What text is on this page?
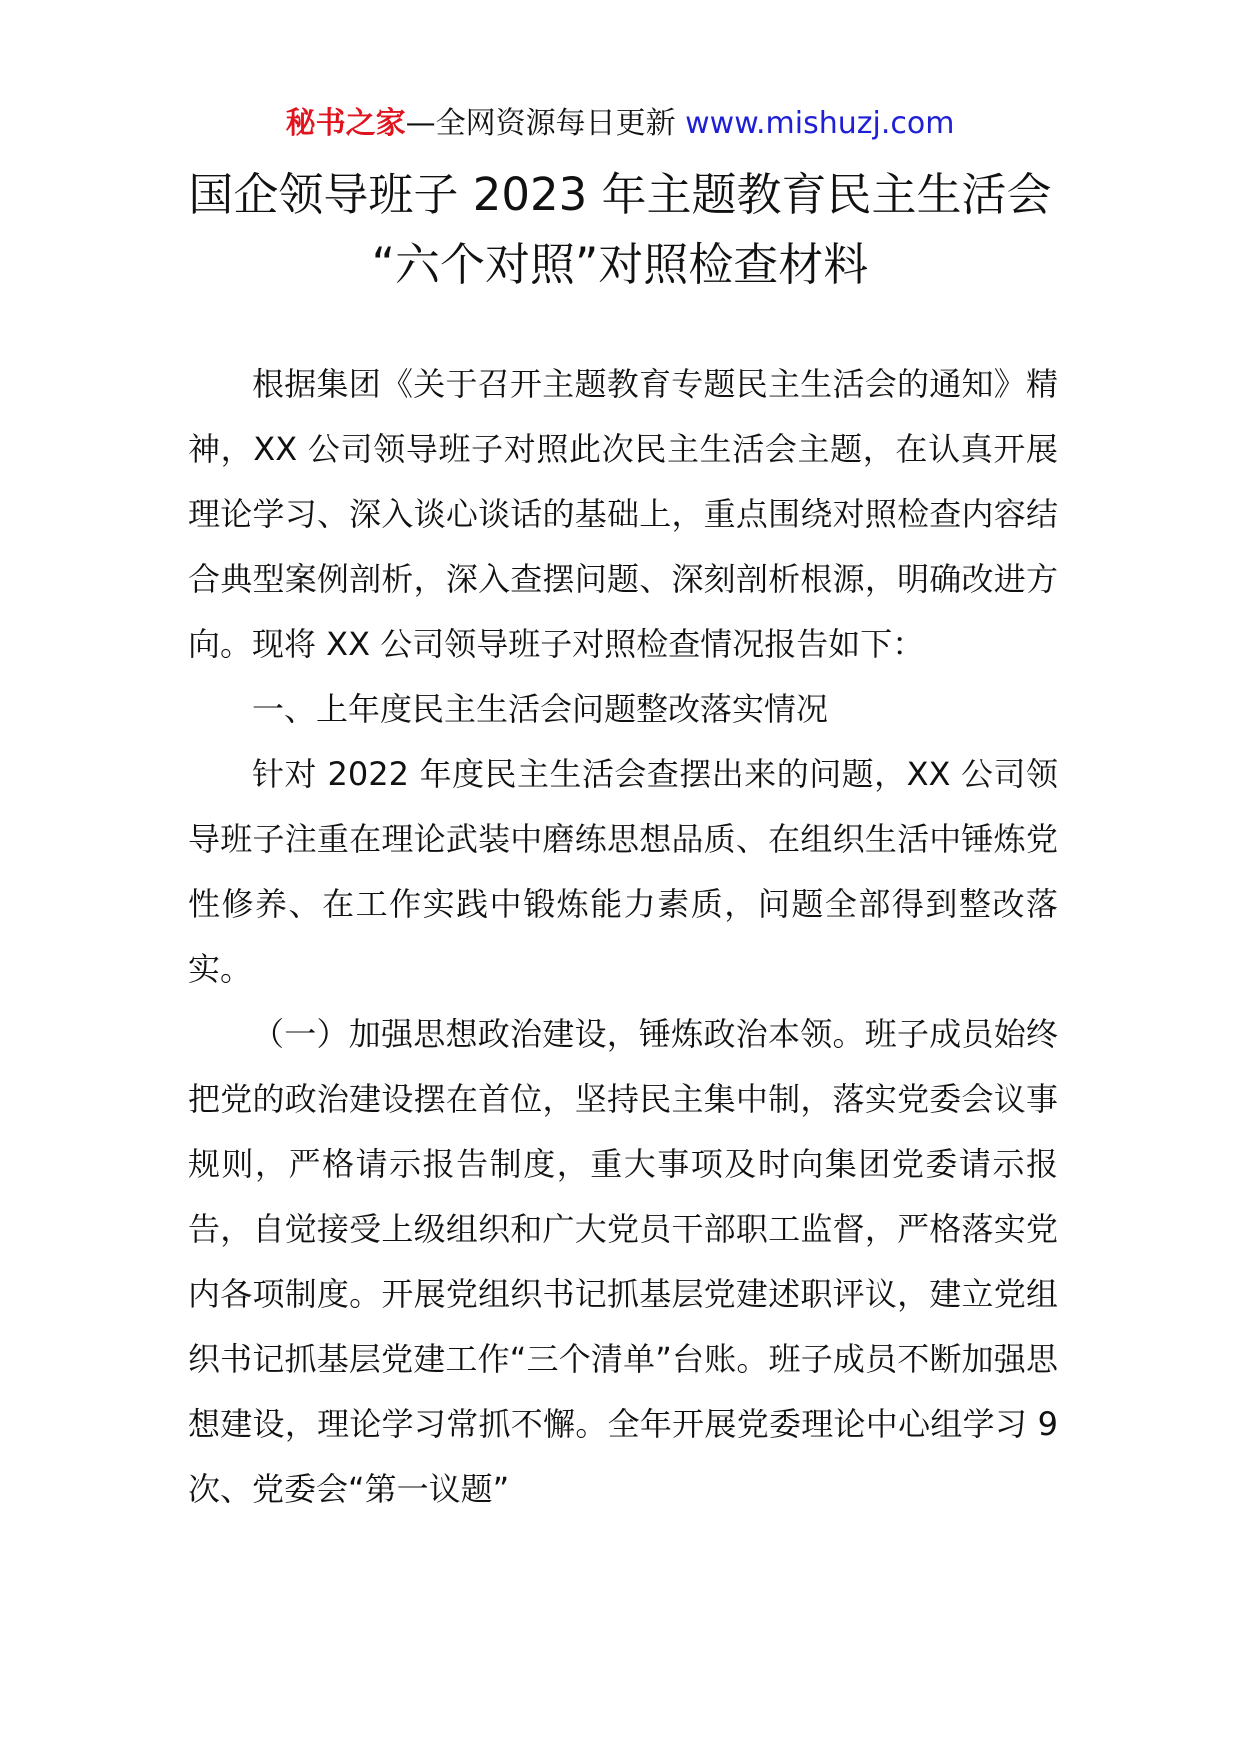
秘书之家—全网资源每日更新 www.mishuzj.com
国企领导班子 2023 年主题教育民主生活会
“六个对照”对照检查材料

根据集团《关于召开主题教育专题民主生活会的通知》精神，XX 公司领导班子对照此次民主生活会主题，在认真开展理论学习、深入谈心谈话的基础上，重点围绕对照检查内容结合典型案例剖析，深入查摆问题、深刻剖析根源，明确改进方向。现将 XX 公司领导班子对照检查情况报告如下：

一、上年度民主生活会问题整改落实情况

针对 2022 年度民主生活会查摆出来的问题，XX 公司领导班子注重在理论武装中磨练思想品质、在组织生活中锤炼党性修养、在工作实践中锻炼能力素质，问题全部得到整改落实。

（一）加强思想政治建设，锤炼政治本领。班子成员始终把党的政治建设摆在首位，坚持民主集中制，落实党委会议事规则，严格请示报告制度，重大事项及时向集团党委请示报告，自觉接受上级组织和广大党员干部职工监督，严格落实党内各项制度。开展党组织书记抓基层党建述职评议，建立党组织书记抓基层党建工作“三个清单”台账。班子成员不断加强思想建设，理论学习常抓不懈。全年开展党委理论中心组学习 9 次、党委会“第一议题”
